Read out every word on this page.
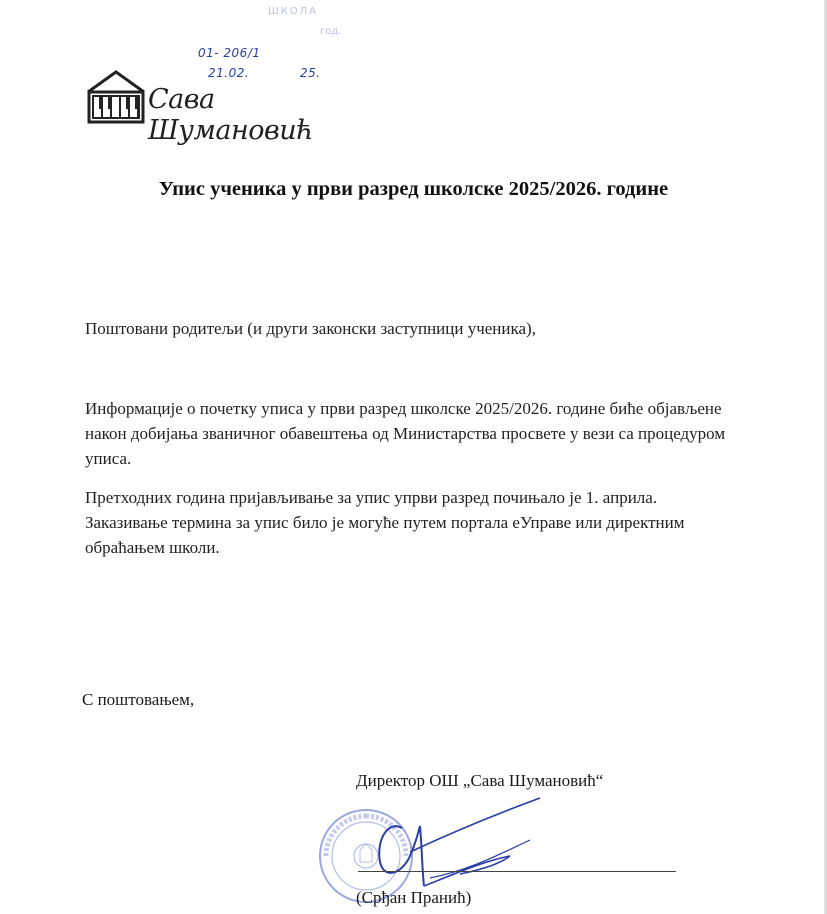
ШКОЛА
год.
01- 206/1
21.02.	25.
Сава Шумановић
Упис ученика у први разред школске 2025/2026. године
Поштовани родитељи (и други законски заступници ученика),
Информације о почетку уписа у први разред школске 2025/2026. године биће објављене након добијања званичног обавештења од Министарства просвете у вези са процедуром уписа.
Претходних година пријављивање за упис упрви разред почињало је 1. априла. Заказивање термина за упис било је могуће путем портала еУправе или директним обраћањем школи.
С поштовањем,
Директор ОШ „Сава Шумановић“
(Срђан Пранић)
